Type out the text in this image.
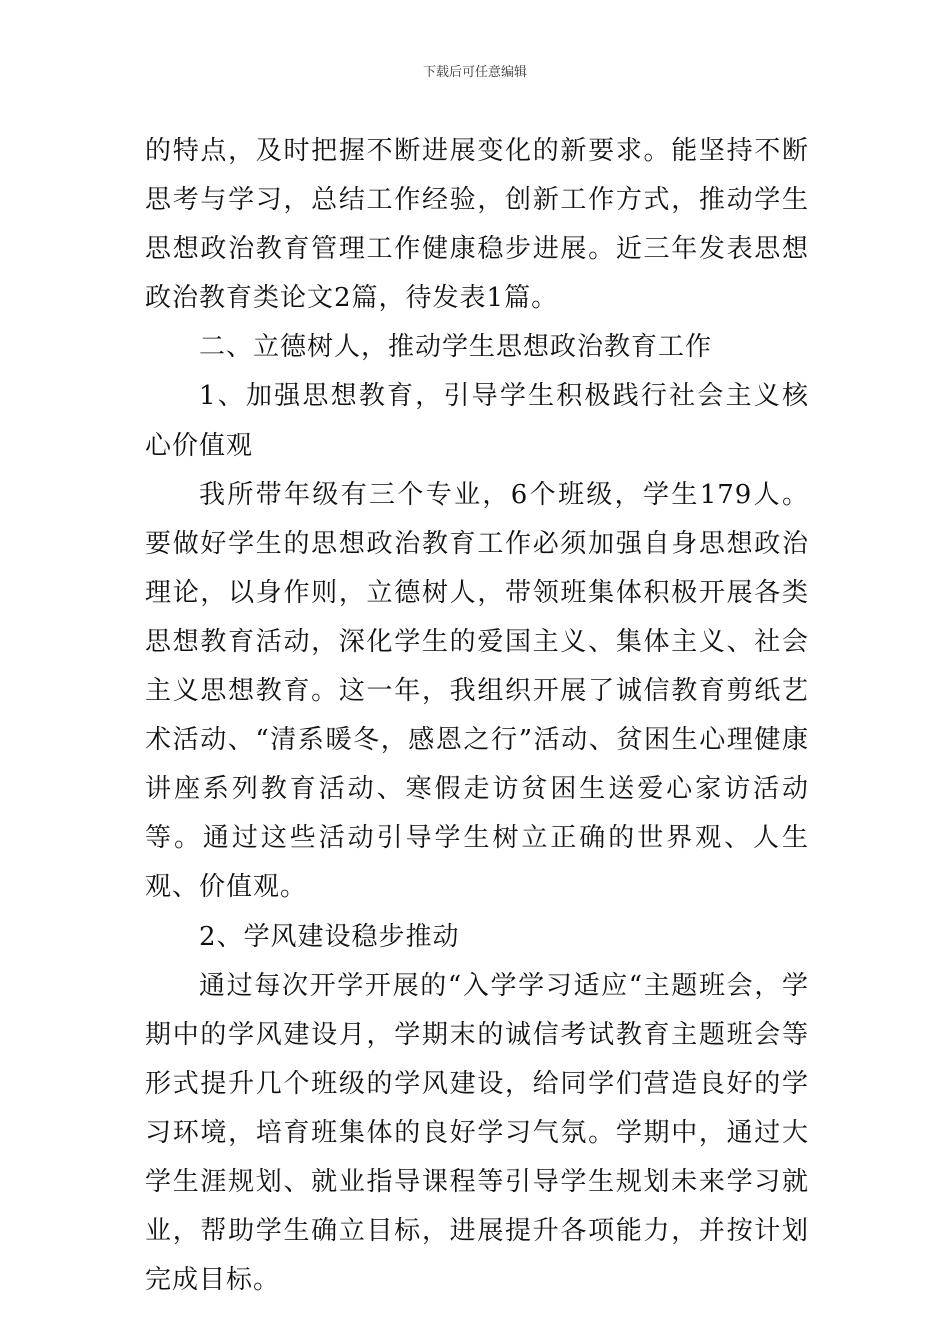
下载后可任意编辑

的特点，及时把握不断进展变化的新要求。能坚持不断思考与学习，总结工作经验，创新工作方式，推动学生思想政治教育管理工作健康稳步进展。近三年发表思想政治教育类论文2篇，待发表1篇。

二、立德树人，推动学生思想政治教育工作

1、加强思想教育，引导学生积极践行社会主义核心价值观

我所带年级有三个专业，6个班级，学生179人。要做好学生的思想政治教育工作必须加强自身思想政治理论，以身作则，立德树人，带领班集体积极开展各类思想教育活动，深化学生的爱国主义、集体主义、社会主义思想教育。这一年，我组织开展了诚信教育剪纸艺术活动、“清系暖冬，感恩之行”活动、贫困生心理健康讲座系列教育活动、寒假走访贫困生送爱心家访活动等。通过这些活动引导学生树立正确的世界观、人生观、价值观。

2、学风建设稳步推动

通过每次开学开展的“入学学习适应“主题班会，学期中的学风建设月，学期末的诚信考试教育主题班会等形式提升几个班级的学风建设，给同学们营造良好的学习环境，培育班集体的良好学习气氛。学期中，通过大学生涯规划、就业指导课程等引导学生规划未来学习就业，帮助学生确立目标，进展提升各项能力，并按计划完成目标。
